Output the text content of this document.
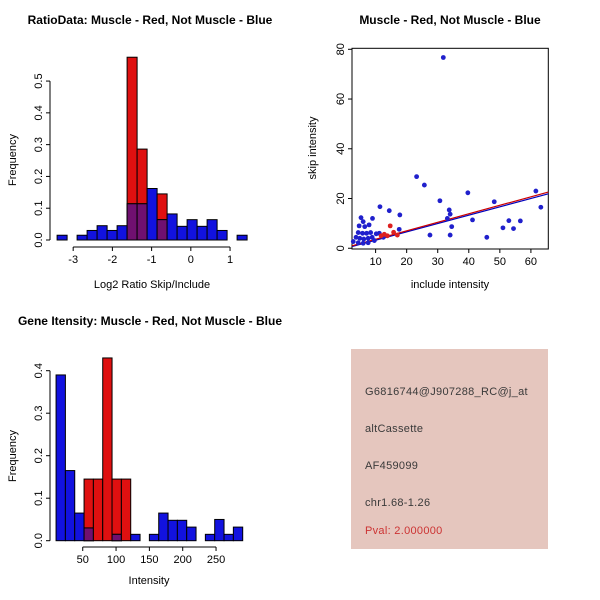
-3	-2	-1	0	1
0.0
0.1
0.2
0.3
0.4
0.5
RatioData: Muscle - Red, Not Muscle - Blue
Log2 Ratio Skip/Include
Frequency
10 20 30 40 50 60
0
20
40
60
80
Muscle - Red, Not Muscle - Blue
include intensity
skip intensity
50 100 150 200 250
0.0
0.1
0.2
0.3
0.4
Gene Itensity: Muscle - Red, Not Muscle - Blue
Intensity
Frequency
G6816744@J907288_RC@j_at
altCassette
AF459099
chr1.68-1.26
Pval: 2.000000
